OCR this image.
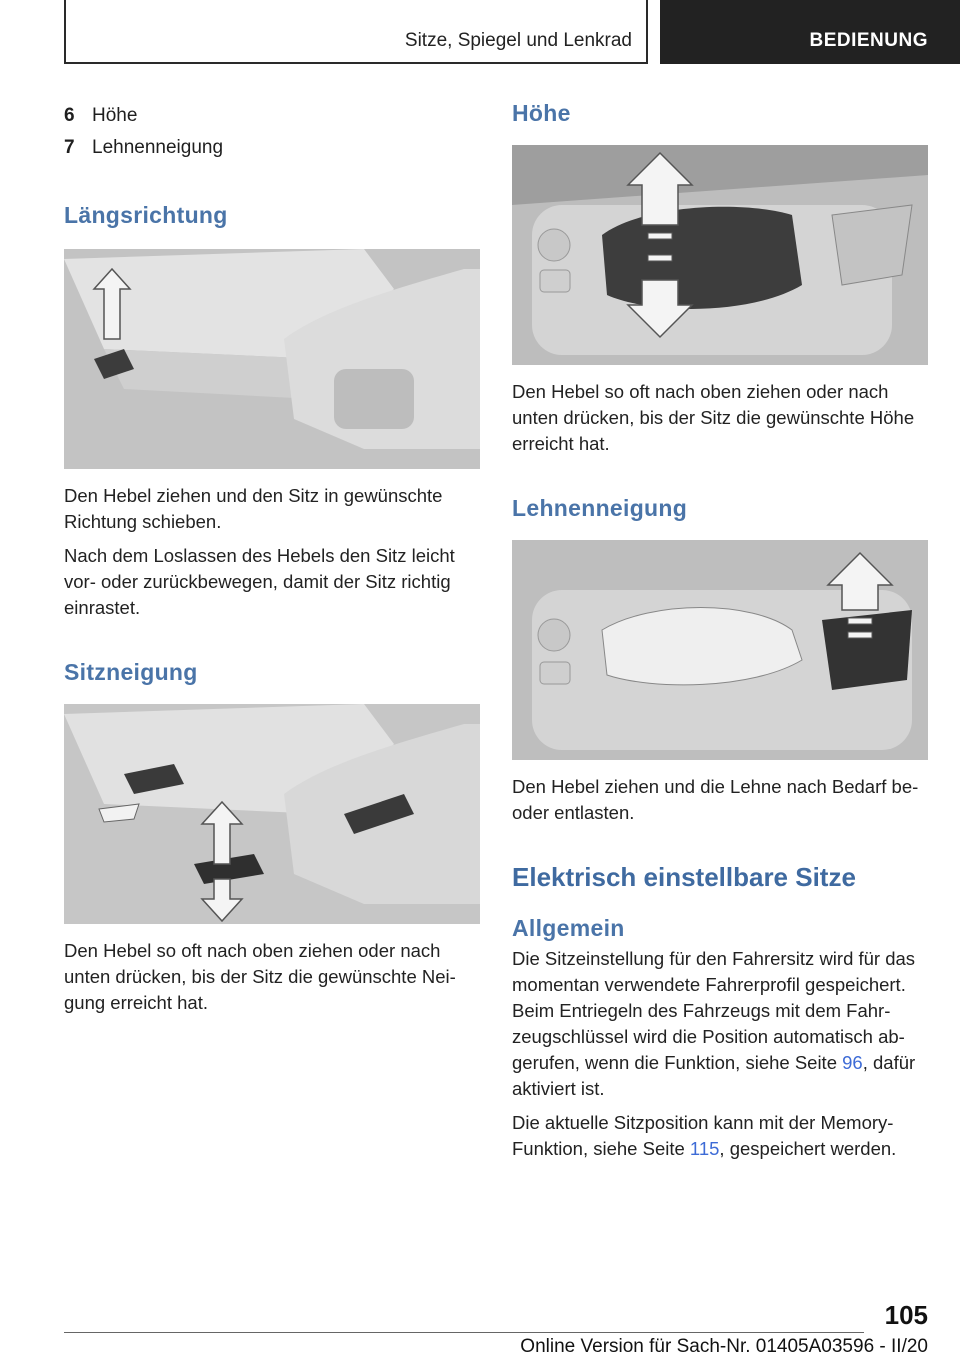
Sitze, Spiegel und Lenkrad	BEDIENUNG
6 Höhe
7 Lehnenneigung
Längsrichtung

Den Hebel ziehen und den Sitz in gewünschte Richtung schieben.

Nach dem Loslassen des Hebels den Sitz leicht vor- oder zurückbewegen, damit der Sitz richtig einrastet.

Sitzneigung

Den Hebel so oft nach oben ziehen oder nach unten drücken, bis der Sitz die gewünschte Nei‐gung erreicht hat.

Höhe

Den Hebel so oft nach oben ziehen oder nach unten drücken, bis der Sitz die gewünschte Höhe erreicht hat.

Lehnenneigung

Den Hebel ziehen und die Lehne nach Bedarf be‐ oder entlasten.

Elektrisch einstellbare Sitze
Allgemein

Die Sitzeinstellung für den Fahrersitz wird für das momentan verwendete Fahrerprofil gespeichert. Beim Entriegeln des Fahrzeugs mit dem Fahr‐zeugschlüssel wird die Position automatisch ab‐gerufen, wenn die Funktion, siehe Seite 96, dafür aktiviert ist.

Die aktuelle Sitzposition kann mit der Memory-Funktion, siehe Seite 115, gespeichert werden.

105
Online Version für Sach-Nr. 01405A03596 - II/20
